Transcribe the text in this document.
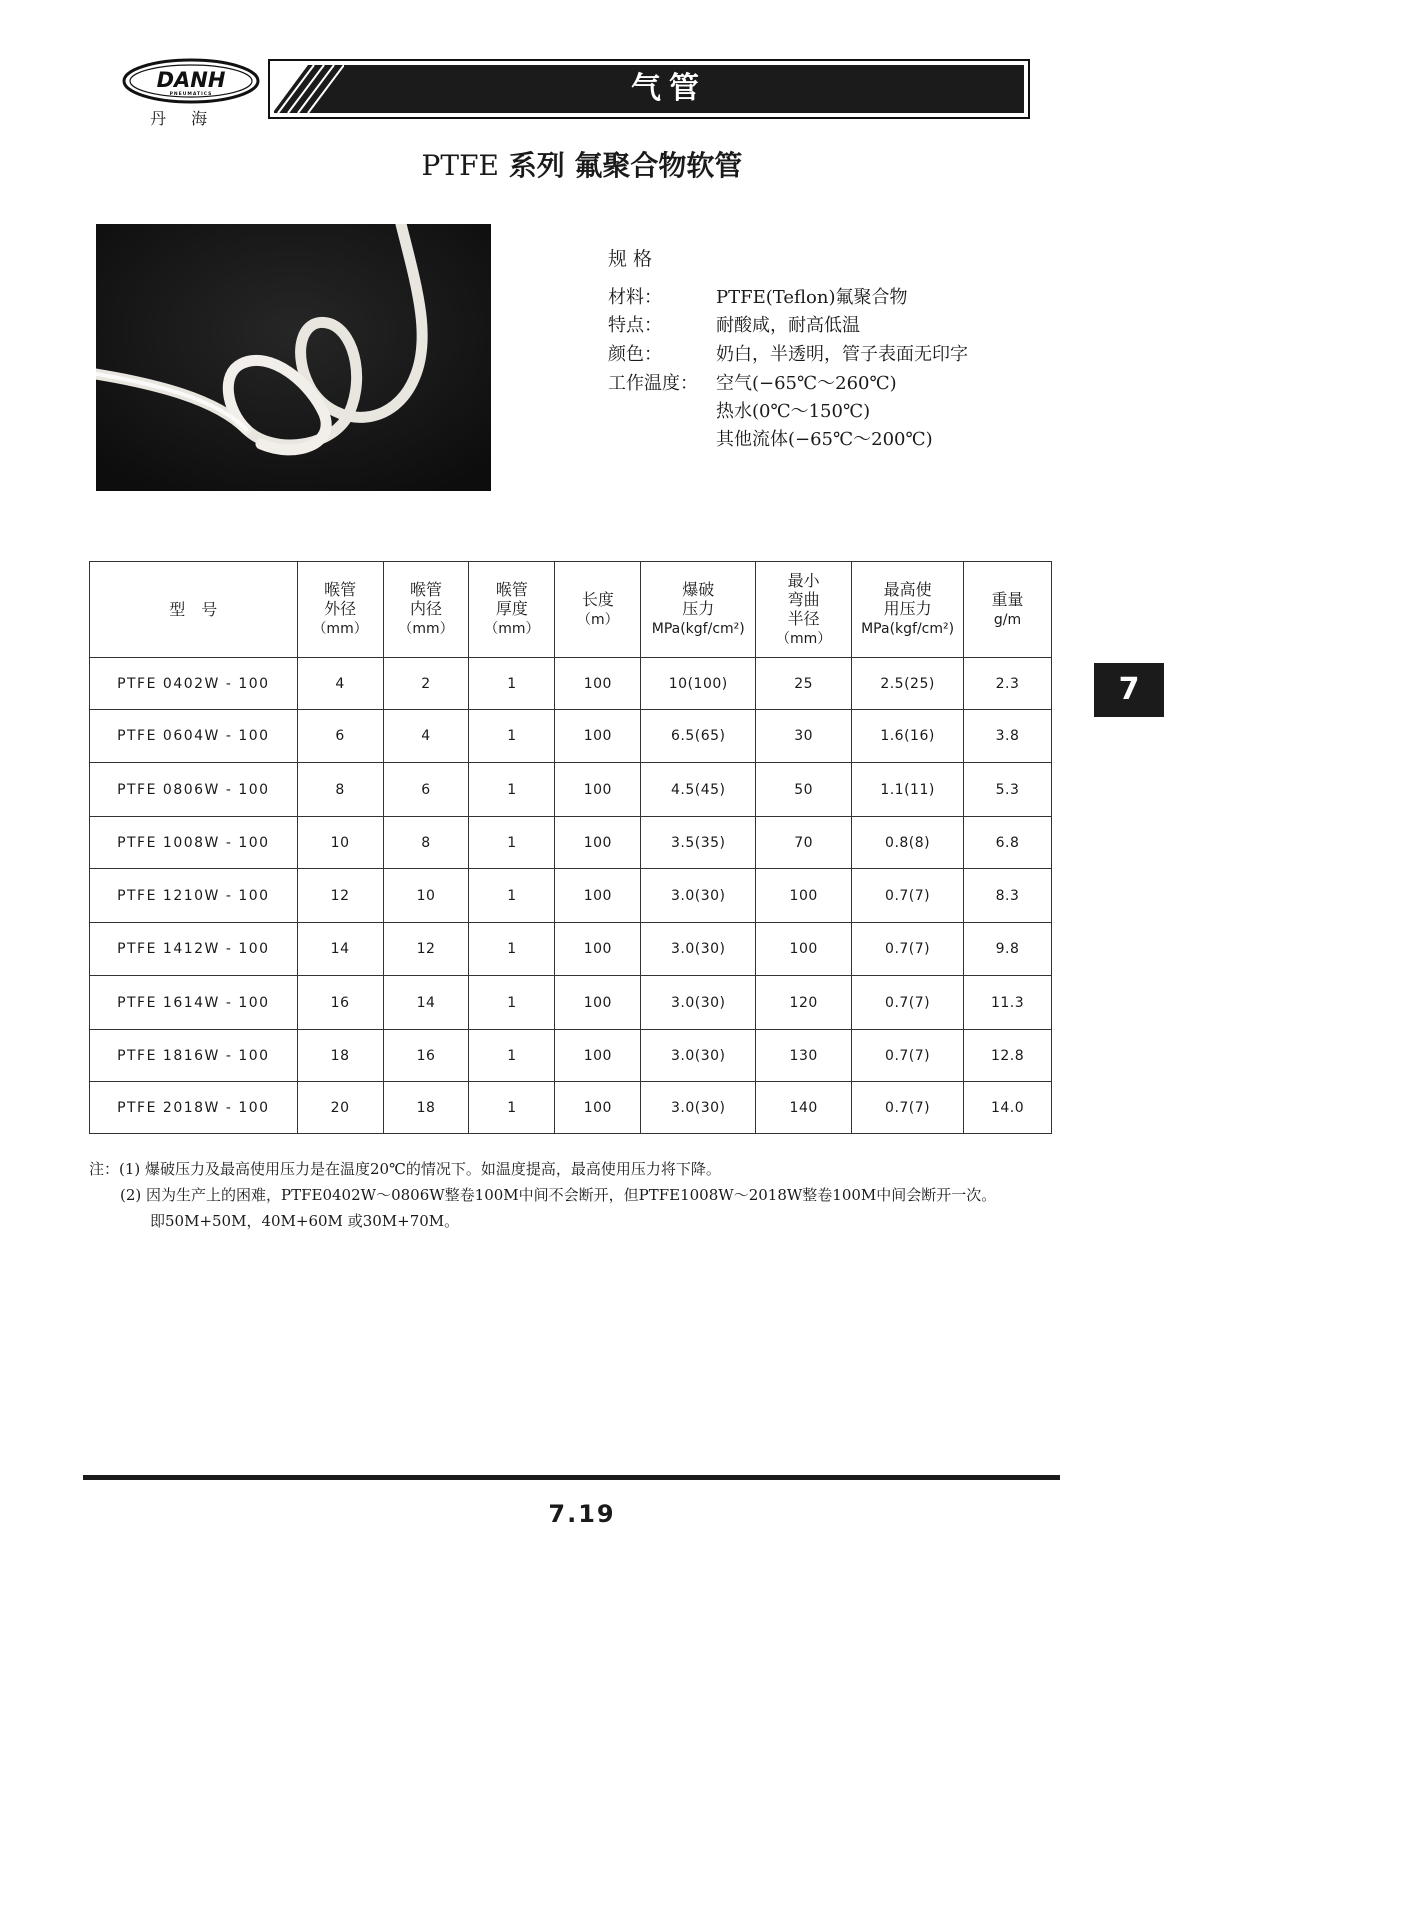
DANH
PNEUMATICS
丹 海
气管
PTFE 系列 氟聚合物软管
规格
材料：	PTFE(Teflon)氟聚合物
特点：	耐酸咸，耐高低温
颜色：	奶白，半透明，管子表面无印字
工作温度： 空气(−65℃～260℃)
热水(0℃～150℃)
其他流体(−65℃～200℃)
型　号	喉管
外径
（mm）	喉管
内径
（mm）	喉管
厚度
（mm）	长度
（m）	爆破
压力
MPa(kgf/cm²)	最小
弯曲
半径
（mm）	最高使
用压力
MPa(kgf/cm²)	重量
g/m
PTFE 0402W - 100	4	2	1	100	10(100)	25	2.5(25)	2.3
PTFE 0604W - 100	6	4	1	100	6.5(65)	30	1.6(16)	3.8
PTFE 0806W - 100	8	6	1	100	4.5(45)	50	1.1(11)	5.3
PTFE 1008W - 100	10	8	1	100	3.5(35)	70	0.8(8)	6.8
PTFE 1210W - 100	12	10	1	100	3.0(30)	100	0.7(7)	8.3
PTFE 1412W - 100	14	12	1	100	3.0(30)	100	0.7(7)	9.8
PTFE 1614W - 100	16	14	1	100	3.0(30)	120	0.7(7)	11.3
PTFE 1816W - 100	18	16	1	100	3.0(30)	130	0.7(7)	12.8
PTFE 2018W - 100	20	18	1	100	3.0(30)	140	0.7(7)	14.0
7
注：(1) 爆破压力及最高使用压力是在温度20℃的情况下。如温度提高，最高使用压力将下降。
(2) 因为生产上的困难，PTFE0402W～0806W整卷100M中间不会断开，但PTFE1008W～2018W整卷100M中间会断开一次。
即50M+50M，40M+60M 或30M+70M。
7.19
